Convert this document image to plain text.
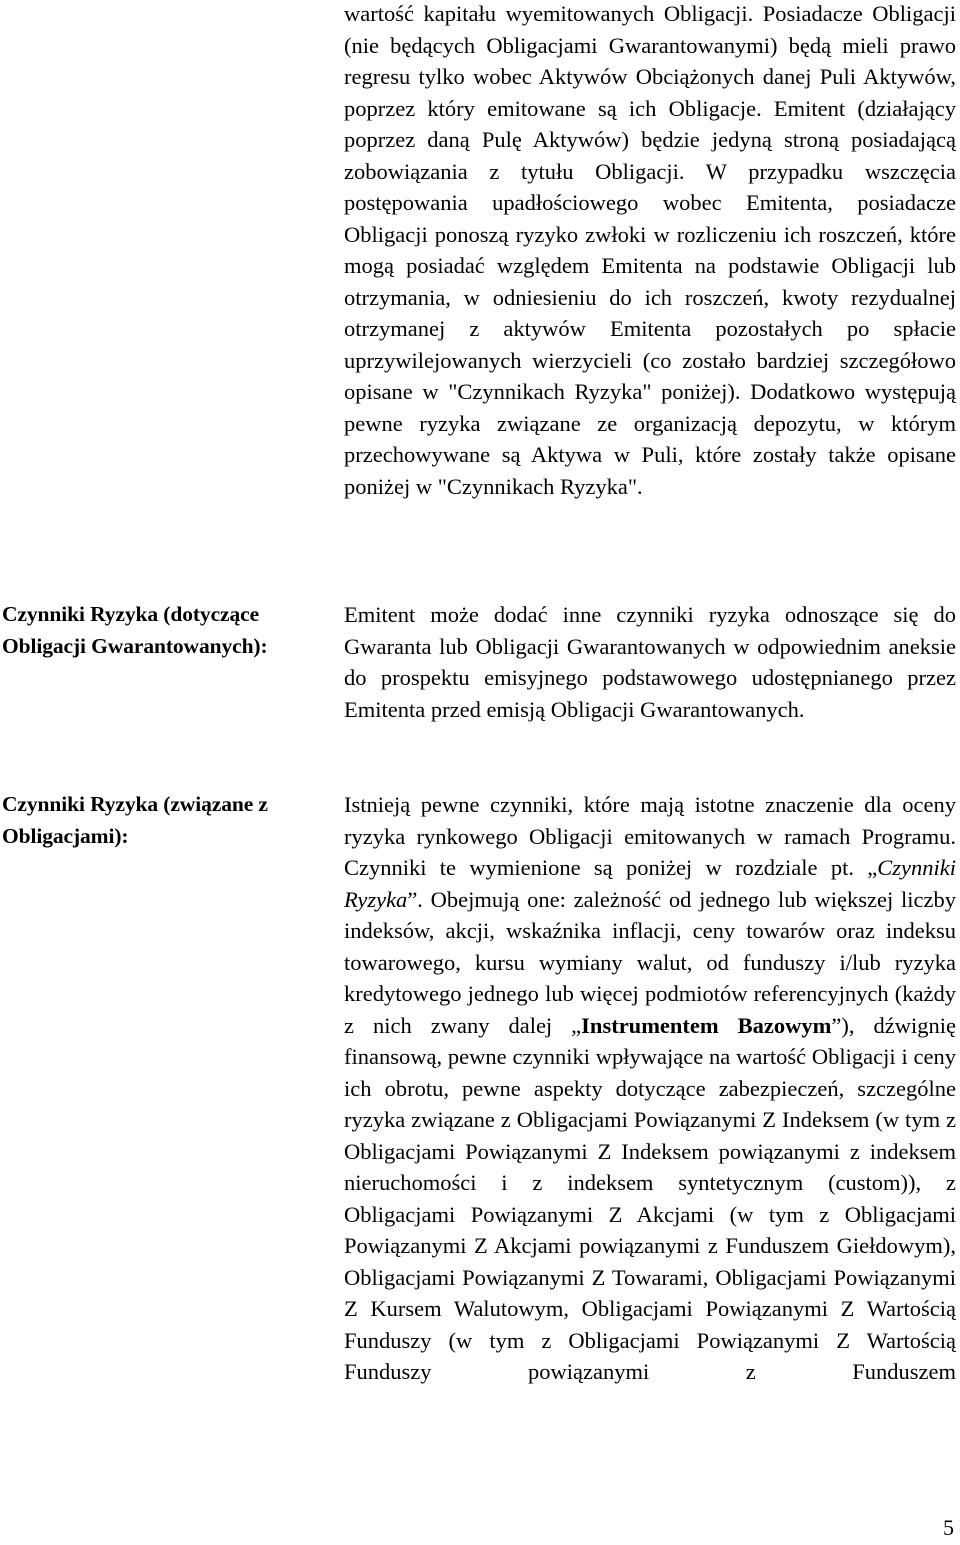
wartość kapitału wyemitowanych Obligacji. Posiadacze Obligacji (nie będących Obligacjami Gwarantowanymi) będą mieli prawo regresu tylko wobec Aktywów Obciążonych danej Puli Aktywów, poprzez który emitowane są ich Obligacje. Emitent (działający poprzez daną Pulę Aktywów) będzie jedyną stroną posiadającą zobowiązania z tytułu Obligacji. W przypadku wszczęcia postępowania upadłościowego wobec Emitenta, posiadacze Obligacji ponoszą ryzyko zwłoki w rozliczeniu ich roszczeń, które mogą posiadać względem Emitenta na podstawie Obligacji lub otrzymania, w odniesieniu do ich roszczeń, kwoty rezydualnej otrzymanej z aktywów Emitenta pozostałych po spłacie uprzywilejowanych wierzycieli (co zostało bardziej szczegółowo opisane w "Czynnikach Ryzyka" poniżej). Dodatkowo występują pewne ryzyka związane ze organizacją depozytu, w którym przechowywane są Aktywa w Puli, które zostały także opisane poniżej w "Czynnikach Ryzyka".
Czynniki Ryzyka (dotyczące Obligacji Gwarantowanych):
Emitent może dodać inne czynniki ryzyka odnoszące się do Gwaranta lub Obligacji Gwarantowanych w odpowiednim aneksie do prospektu emisyjnego podstawowego udostępnianego przez Emitenta przed emisją Obligacji Gwarantowanych.
Czynniki Ryzyka (związane z Obligacjami):
Istnieją pewne czynniki, które mają istotne znaczenie dla oceny ryzyka rynkowego Obligacji emitowanych w ramach Programu. Czynniki te wymienione są poniżej w rozdziale pt. „Czynniki Ryzyka”. Obejmują one: zależność od jednego lub większej liczby indeksów, akcji, wskaźnika inflacji, ceny towarów oraz indeksu towarowego, kursu wymiany walut, od funduszy i/lub ryzyka kredytowego jednego lub więcej podmiotów referencyjnych (każdy z nich zwany dalej „Instrumentem Bazowym”), dźwignię finansową, pewne czynniki wpływające na wartość Obligacji i ceny ich obrotu, pewne aspekty dotyczące zabezpieczeń, szczególne ryzyka związane z Obligacjami Powiązanymi Z Indeksem (w tym z Obligacjami Powiązanymi Z Indeksem powiązanymi z indeksem nieruchomości i z indeksem syntetycznym (custom)), z Obligacjami Powiązanymi Z Akcjami (w tym z Obligacjami Powiązanymi Z Akcjami powiązanymi z Funduszem Giełdowym), Obligacjami Powiązanymi Z Towarami, Obligacjami Powiązanymi Z Kursem Walutowym, Obligacjami Powiązanymi Z Wartością Funduszy (w tym z Obligacjami Powiązanymi Z Wartością Funduszy powiązanymi z Funduszem
5
